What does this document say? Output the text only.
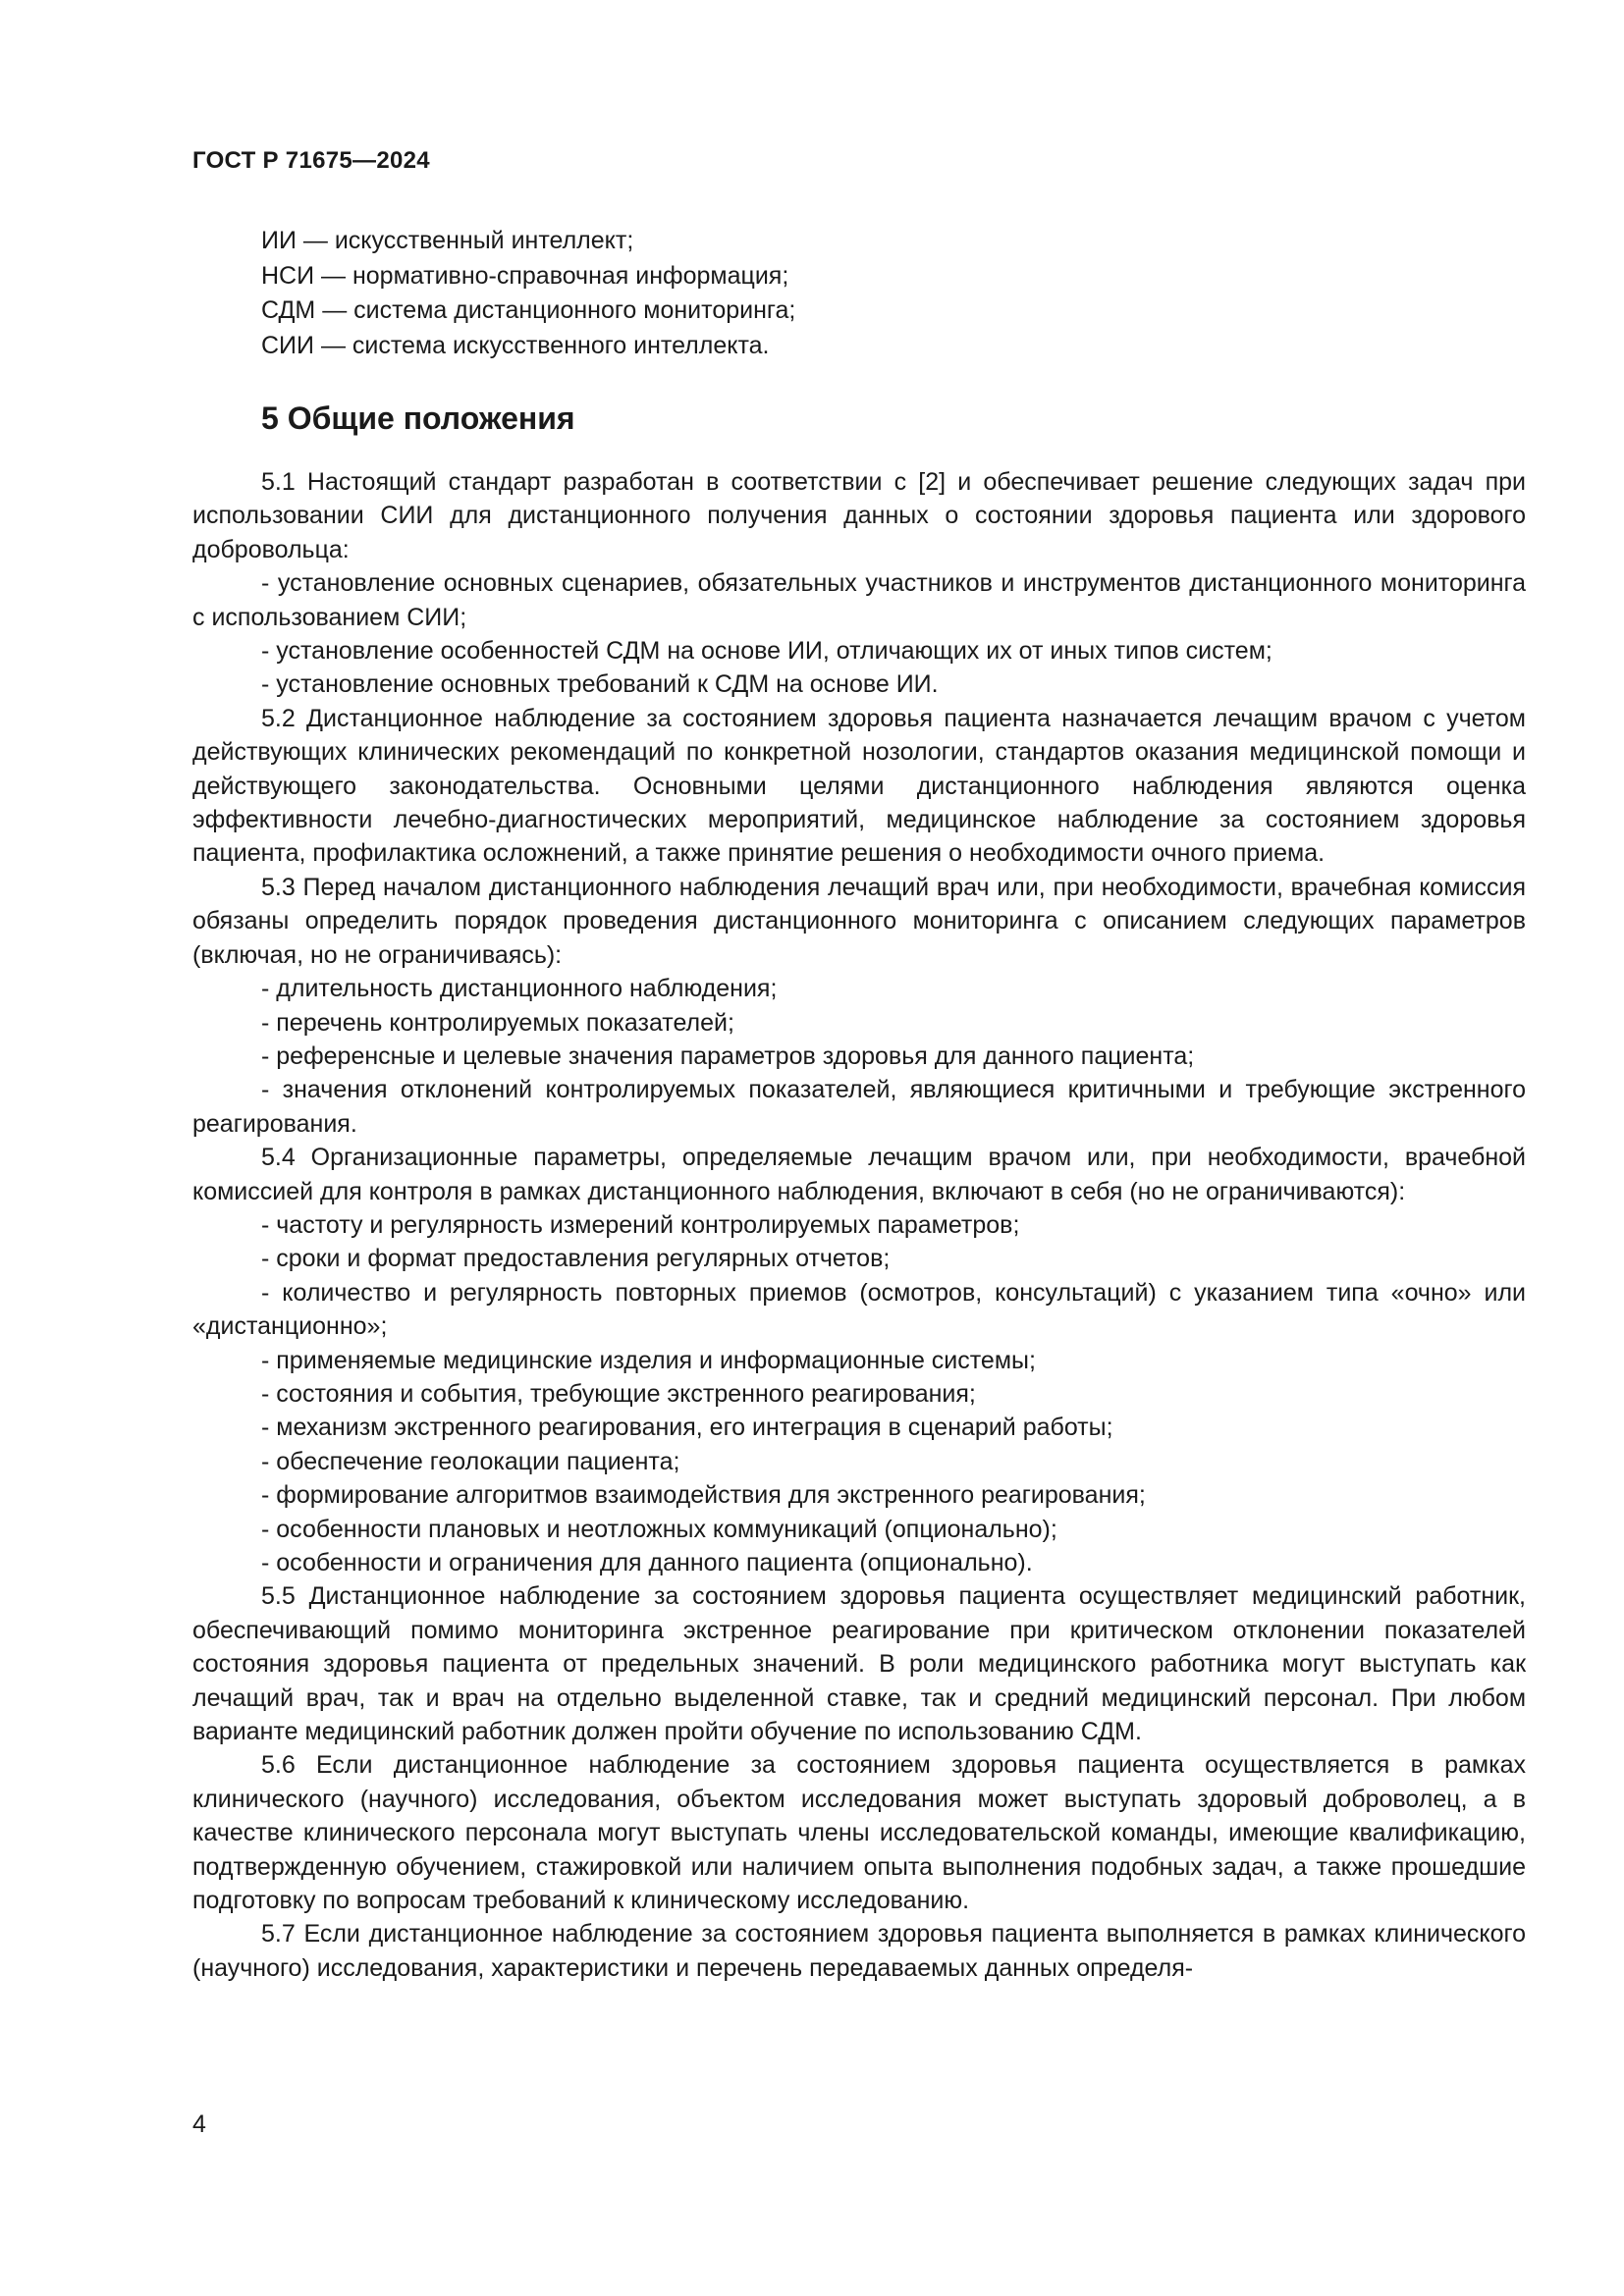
ГОСТ Р 71675—2024
ИИ — искусственный интеллект;
НСИ — нормативно-справочная информация;
СДМ — система дистанционного мониторинга;
СИИ — система искусственного интеллекта.
5 Общие положения

5.1 Настоящий стандарт разработан в соответствии с [2] и обеспечивает решение следующих задач при использовании СИИ для дистанционного получения данных о состоянии здоровья пациента или здорового добровольца:

- установление основных сценариев, обязательных участников и инструментов дистанционного мониторинга с использованием СИИ;

- установление особенностей СДМ на основе ИИ, отличающих их от иных типов систем;

- установление основных требований к СДМ на основе ИИ.

5.2 Дистанционное наблюдение за состоянием здоровья пациента назначается лечащим врачом с учетом действующих клинических рекомендаций по конкретной нозологии, стандартов оказания медицинской помощи и действующего законодательства. Основными целями дистанционного наблюдения являются оценка эффективности лечебно-диагностических мероприятий, медицинское наблюдение за состоянием здоровья пациента, профилактика осложнений, а также принятие решения о необходимости очного приема.

5.3 Перед началом дистанционного наблюдения лечащий врач или, при необходимости, врачебная комиссия обязаны определить порядок проведения дистанционного мониторинга с описанием следующих параметров (включая, но не ограничиваясь):

- длительность дистанционного наблюдения;

- перечень контролируемых показателей;

- референсные и целевые значения параметров здоровья для данного пациента;

- значения отклонений контролируемых показателей, являющиеся критичными и требующие экстренного реагирования.

5.4 Организационные параметры, определяемые лечащим врачом или, при необходимости, врачебной комиссией для контроля в рамках дистанционного наблюдения, включают в себя (но не ограничиваются):

- частоту и регулярность измерений контролируемых параметров;

- сроки и формат предоставления регулярных отчетов;

- количество и регулярность повторных приемов (осмотров, консультаций) с указанием типа «очно» или «дистанционно»;

- применяемые медицинские изделия и информационные системы;

- состояния и события, требующие экстренного реагирования;

- механизм экстренного реагирования, его интеграция в сценарий работы;

- обеспечение геолокации пациента;

- формирование алгоритмов взаимодействия для экстренного реагирования;

- особенности плановых и неотложных коммуникаций (опционально);

- особенности и ограничения для данного пациента (опционально).

5.5 Дистанционное наблюдение за состоянием здоровья пациента осуществляет медицинский работник, обеспечивающий помимо мониторинга экстренное реагирование при критическом отклонении показателей состояния здоровья пациента от предельных значений. В роли медицинского работника могут выступать как лечащий врач, так и врач на отдельно выделенной ставке, так и средний медицинский персонал. При любом варианте медицинский работник должен пройти обучение по использованию СДМ.

5.6 Если дистанционное наблюдение за состоянием здоровья пациента осуществляется в рамках клинического (научного) исследования, объектом исследования может выступать здоровый доброволец, а в качестве клинического персонала могут выступать члены исследовательской команды, имеющие квалификацию, подтвержденную обучением, стажировкой или наличием опыта выполнения подобных задач, а также прошедшие подготовку по вопросам требований к клиническому исследованию.

5.7 Если дистанционное наблюдение за состоянием здоровья пациента выполняется в рамках клинического (научного) исследования, характеристики и перечень передаваемых данных определя-

4
